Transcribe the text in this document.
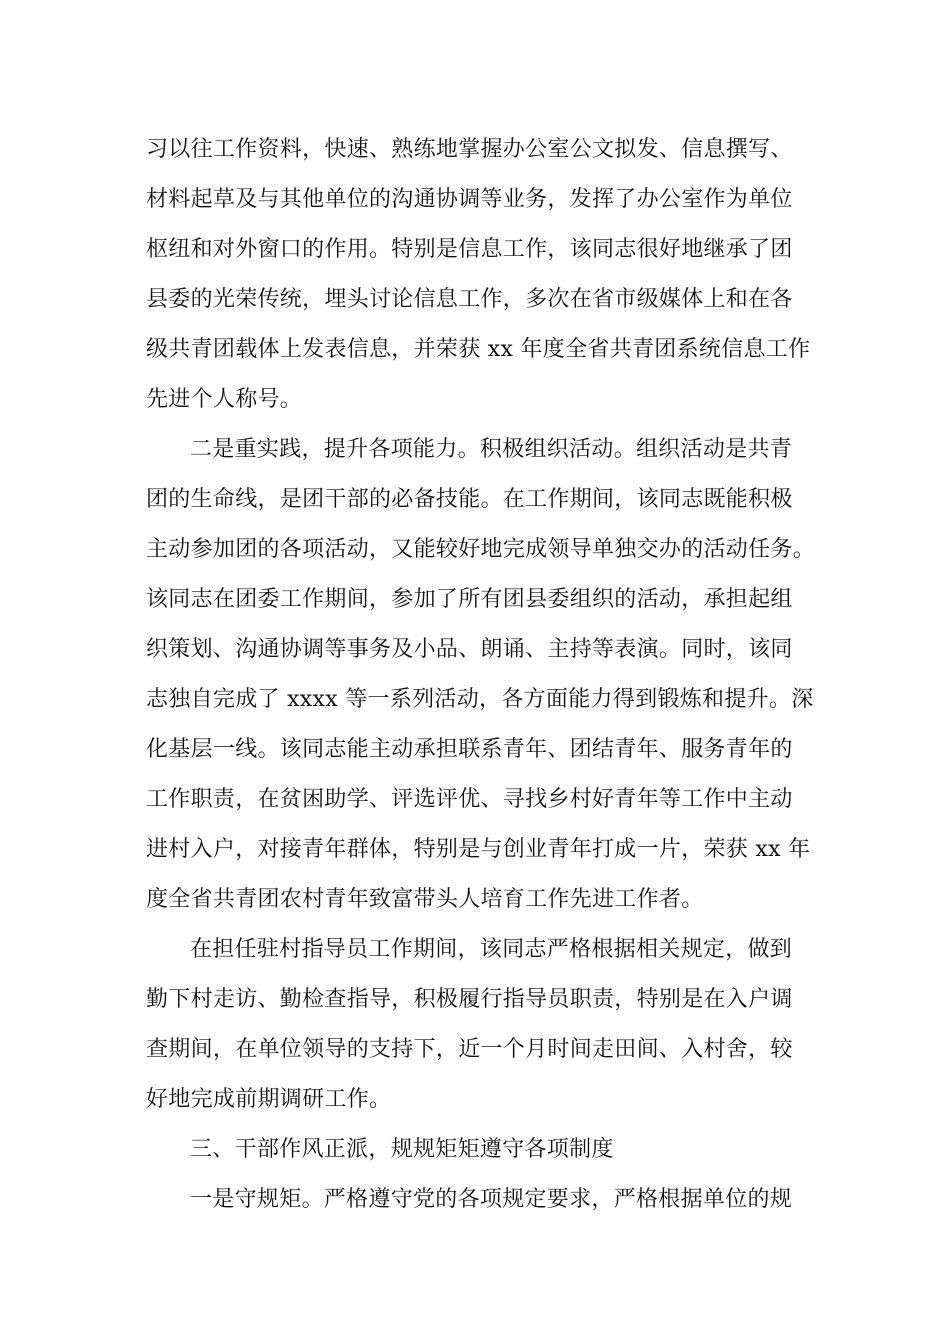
习以往工作资料，快速、熟练地掌握办公室公文拟发、信息撰写、
材料起草及与其他单位的沟通协调等业务，发挥了办公室作为单位
枢纽和对外窗口的作用。特别是信息工作，该同志很好地继承了团
县委的光荣传统，埋头讨论信息工作，多次在省市级媒体上和在各
级共青团载体上发表信息，并荣获 xx 年度全省共青团系统信息工作
先进个人称号。
二是重实践，提升各项能力。积极组织活动。组织活动是共青
团的生命线，是团干部的必备技能。在工作期间，该同志既能积极
主动参加团的各项活动，又能较好地完成领导单独交办的活动任务。
该同志在团委工作期间，参加了所有团县委组织的活动，承担起组
织策划、沟通协调等事务及小品、朗诵、主持等表演。同时，该同
志独自完成了 xxxx 等一系列活动，各方面能力得到锻炼和提升。深
化基层一线。该同志能主动承担联系青年、团结青年、服务青年的
工作职责，在贫困助学、评选评优、寻找乡村好青年等工作中主动
进村入户，对接青年群体，特别是与创业青年打成一片，荣获 xx 年
度全省共青团农村青年致富带头人培育工作先进工作者。
在担任驻村指导员工作期间，该同志严格根据相关规定，做到
勤下村走访、勤检查指导，积极履行指导员职责，特别是在入户调
查期间，在单位领导的支持下，近一个月时间走田间、入村舍，较
好地完成前期调研工作。
三、干部作风正派，规规矩矩遵守各项制度
一是守规矩。严格遵守党的各项规定要求，严格根据单位的规
